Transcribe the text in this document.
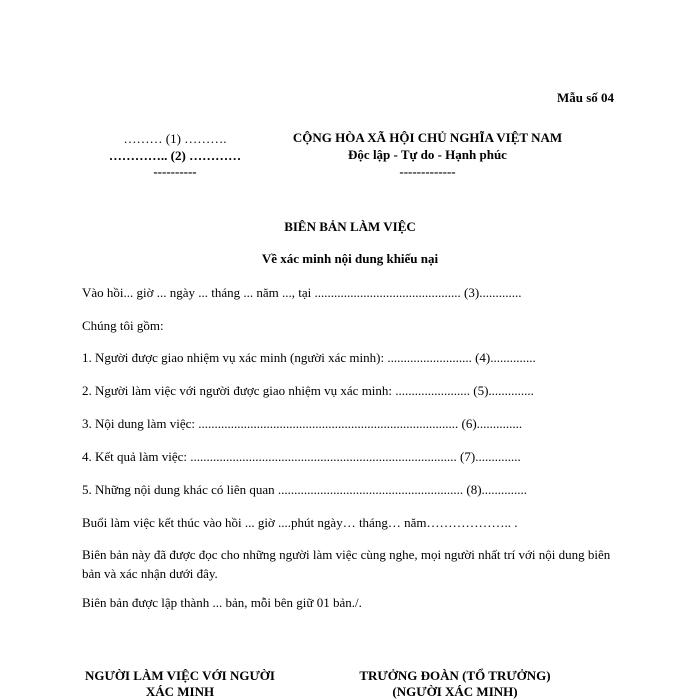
Mẫu số 04
……… (1) ……….
………….. (2) …………
----------
CỘNG HÒA XÃ HỘI CHỦ NGHĨA VIỆT NAM
Độc lập - Tự do - Hạnh phúc
-------------
BIÊN BẢN LÀM VIỆC
Về xác minh nội dung khiếu nại
Vào hồi... giờ ... ngày ... tháng ... năm ..., tại ............................................. (3).............
Chúng tôi gồm:
1. Người được giao nhiệm vụ xác minh (người xác minh): .......................... (4)..............
2. Người làm việc với người được giao nhiệm vụ xác minh: ....................... (5)..............
3. Nội dung làm việc: ................................................................................ (6)..............
4. Kết quả làm việc: .................................................................................. (7)..............
5. Những nội dung khác có liên quan ......................................................... (8)..............
Buổi làm việc kết thúc vào hồi ... giờ ....phút ngày… tháng… năm……………….. .
Biên bản này đã được đọc cho những người làm việc cùng nghe, mọi người nhất trí với nội dung biên bản và xác nhận dưới đây.
Biên bản được lập thành ... bản, mỗi bên giữ 01 bản./.
NGƯỜI LÀM VIỆC VỚI NGƯỜI
XÁC MINH
TRƯỞNG ĐOÀN (TỔ TRƯỞNG)
(NGƯỜI XÁC MINH)
